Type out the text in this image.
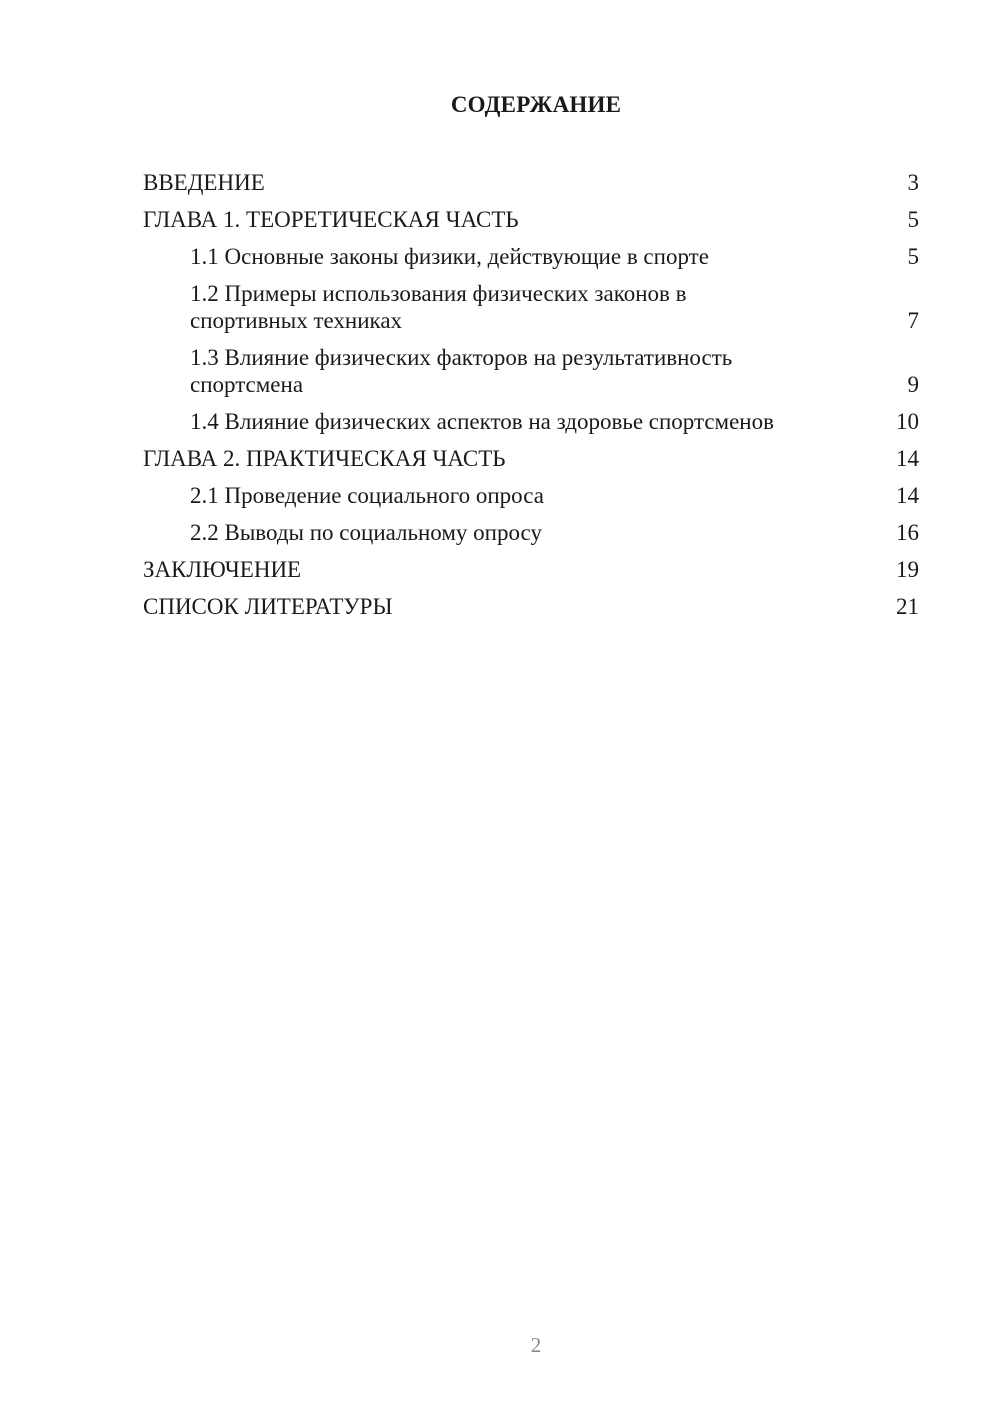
СОДЕРЖАНИЕ
ВВЕДЕНИЕ	3
ГЛАВА 1. ТЕОРЕТИЧЕСКАЯ ЧАСТЬ	5
1.1 Основные законы физики, действующие в спорте	5
1.2 Примеры использования физических законов в спортивных техниках	7
1.3 Влияние физических факторов на результативность спортсмена	9
1.4 Влияние физических аспектов на здоровье спортсменов	10
ГЛАВА 2. ПРАКТИЧЕСКАЯ ЧАСТЬ	14
2.1 Проведение социального опроса	14
2.2 Выводы по социальному опросу	16
ЗАКЛЮЧЕНИЕ	19
СПИСОК ЛИТЕРАТУРЫ	21
2
